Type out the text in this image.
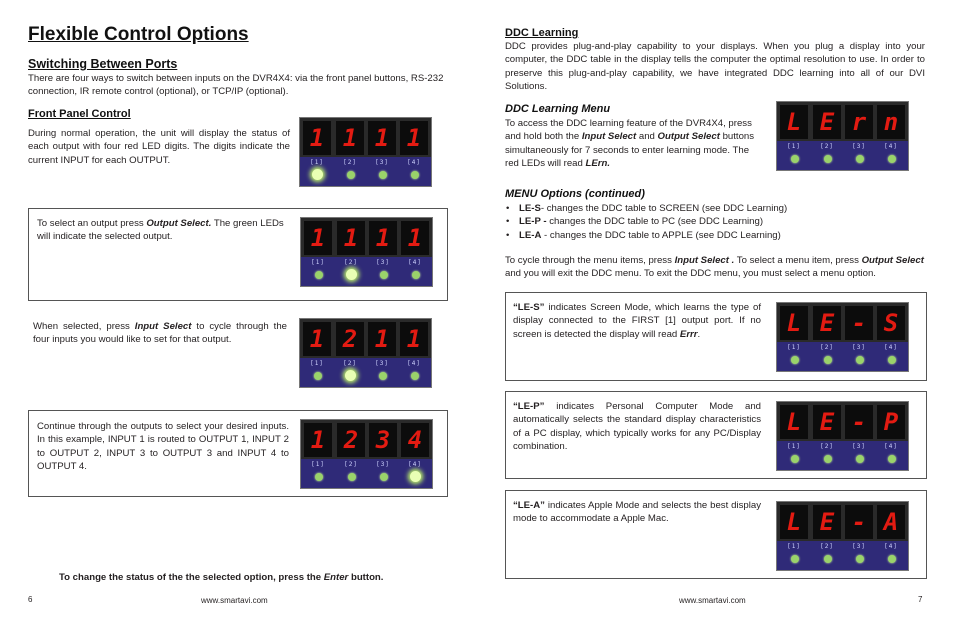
Flexible Control Options
Switching Between Ports
There are four ways to switch between inputs on the DVR4X4: via the front panel buttons, RS-232 connection, IR remote control (optional), or TCP/IP (optional).
Front Panel Control
During normal operation, the unit will display the status of each output with four red LED digits. The digits indicate the current INPUT for each OUTPUT.
1
[1]
1
[2]
1
[3]
1
[4]
To select an output press Output Select. The green LEDs will indicate the selected output.	1
[1]
1
[2]
1
[3]
1
[4]
When selected, press Input Select to cycle through the four inputs you would like to set for that output.	1
[1]
2
[2]
1
[3]
1
[4]
Continue through the outputs to select your desired inputs. In this example, INPUT 1 is routed to OUTPUT 1, INPUT 2 to OUTPUT 2, INPUT 3 to OUTPUT 3 and INPUT 4 to OUTPUT 4.
1
[1]
2
[2]
3
[3]
4
[4]
To change the status of the the selected option, press the Enter button.
6	www.smartavi.com
DDC Learning
DDC provides plug-and-play capability to your displays. When you plug a display into your computer, the DDC table in the display tells the computer the optimal resolution to use. In order to preserve this plug-and-play capability, we have integrated DDC learning into all of our DVI Solutions.
DDC Learning Menu
To access the DDC learning feature of the DVR4X4, press and hold both the Input Select and Output Select buttons simultaneously for 7 seconds to enter learning mode. The red LEDs will read LErn.
L
[1]
E
[2]
r
[3]
n
[4]
MENU Options (continued)
• LE-S- changes the DDC table to SCREEN (see DDC Learning)
• LE-P - changes the DDC table to PC (see DDC Learning)
• LE-A - changes the DDC table to APPLE (see DDC Learning)
To cycle through the menu items, press Input Select . To select a menu item, press Output Select and you will exit the DDC menu. To exit the DDC menu, you must select a menu option.
“LE-S” indicates Screen Mode, which learns the type of display connected to the FIRST [1] output port. If no screen is detected the display will read Errr.	L
[1]
E
[2]
-
[3]
S
[4]
“LE-P” indicates Personal Computer Mode and automatically selects the standard display characteristics of a PC display, which typically works for any PC/Display combination.
L
[1]
E
[2]
-
[3]
P
[4]
“LE-A” indicates Apple Mode and selects the best display mode to accommodate a Apple Mac.	L
[1]
E
[2]
-
[3]
A
[4]
www.smartavi.com	7
